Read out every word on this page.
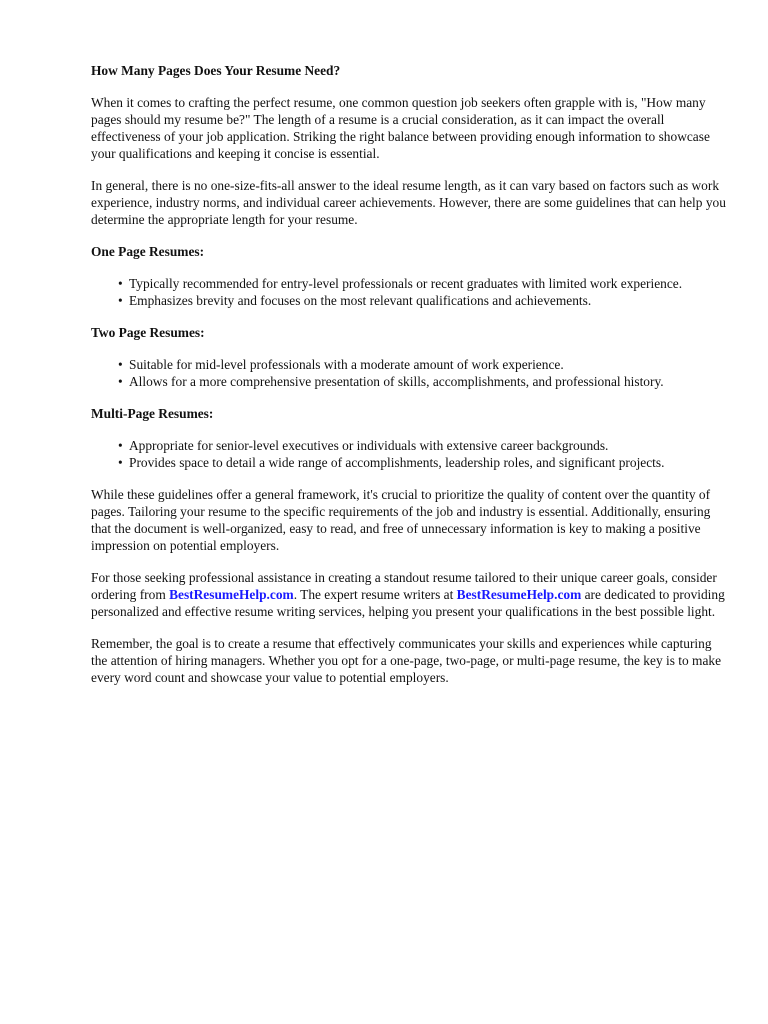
How Many Pages Does Your Resume Need?

When it comes to crafting the perfect resume, one common question job seekers often grapple with is, "How many pages should my resume be?" The length of a resume is a crucial consideration, as it can impact the overall effectiveness of your job application. Striking the right balance between providing enough information to showcase your qualifications and keeping it concise is essential.

In general, there is no one-size-fits-all answer to the ideal resume length, as it can vary based on factors such as work experience, industry norms, and individual career achievements. However, there are some guidelines that can help you determine the appropriate length for your resume.

One Page Resumes:
• Typically recommended for entry-level professionals or recent graduates with limited work experience.
• Emphasizes brevity and focuses on the most relevant qualifications and achievements.
Two Page Resumes:
• Suitable for mid-level professionals with a moderate amount of work experience.
• Allows for a more comprehensive presentation of skills, accomplishments, and professional history.
Multi-Page Resumes:
• Appropriate for senior-level executives or individuals with extensive career backgrounds.
• Provides space to detail a wide range of accomplishments, leadership roles, and significant projects.

While these guidelines offer a general framework, it's crucial to prioritize the quality of content over the quantity of pages. Tailoring your resume to the specific requirements of the job and industry is essential. Additionally, ensuring that the document is well-organized, easy to read, and free of unnecessary information is key to making a positive impression on potential employers.

For those seeking professional assistance in creating a standout resume tailored to their unique career goals, consider ordering from BestResumeHelp.com. The expert resume writers at BestResumeHelp.com are dedicated to providing personalized and effective resume writing services, helping you present your qualifications in the best possible light.

Remember, the goal is to create a resume that effectively communicates your skills and experiences while capturing the attention of hiring managers. Whether you opt for a one-page, two-page, or multi-page resume, the key is to make every word count and showcase your value to potential employers.
